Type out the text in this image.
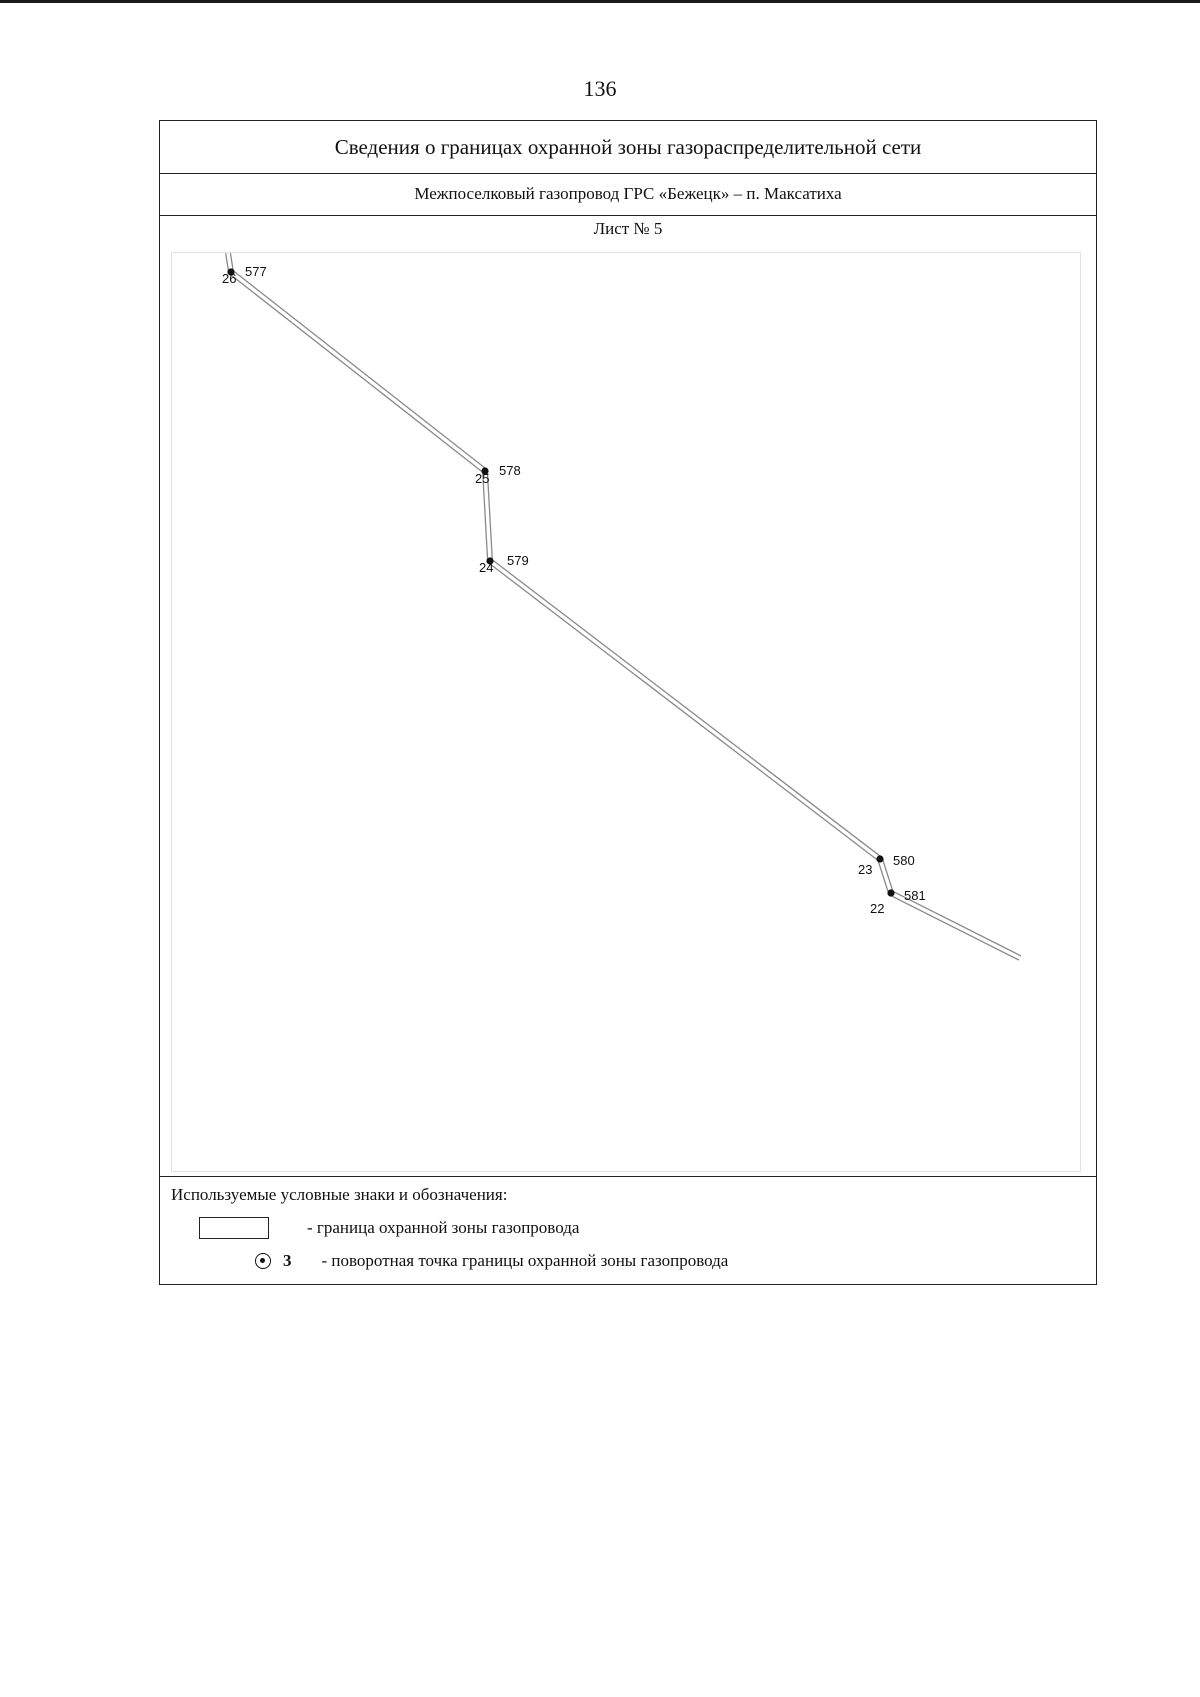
136
Сведения о границах охранной зоны газораспределительной сети
Межпоселковый газопровод ГРС «Бежецк» – п. Максатиха
Лист № 5
26 577
25
578
24 579
23
580
22
581
Используемые условные знаки и обозначения:
- граница охранной зоны газопровода
3 - поворотная точка границы охранной зоны газопровода
